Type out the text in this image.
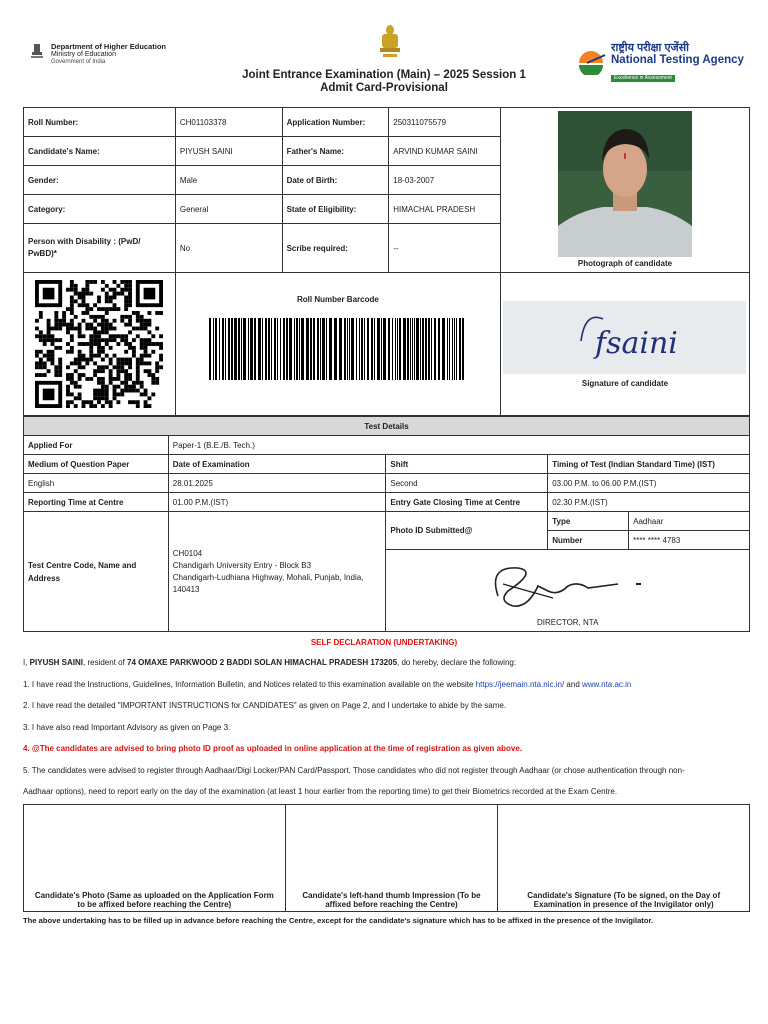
Department of Higher Education
Ministry of Education
Government of India
राष्ट्रीय परीक्षा एजेंसी
National Testing Agency
Excellence in Assessment
Joint Entrance Examination (Main) – 2025 Session 1
Admit Card-Provisional
Roll Number:	CH01103378	Application Number:	250311075579	Photograph of candidate

Candidate's Name:	PIYUSH SAINI	Father's Name:	ARVIND KUMAR SAINI	
Gender:	Male	Date of Birth:	18-03-2007	
Category:	General	State of Eligibility:	HIMACHAL PRADESH	
Person with Disability : (PwD/ PwBD)*	No	Scribe required:	--	

Roll Number Barcode			fsaini
Signature of candidate
Test Details				
Applied For	Paper-1 (B.E./B. Tech.)			
Medium of Question Paper	Date of Examination	Shift	Timing of Test (Indian Standard Time) (IST)	
English	28.01.2025	Second	03.00 P.M. to 06.00 P.M.(IST)	
Reporting Time at Centre	01.00 P.M.(IST)	Entry Gate Closing Time at Centre	02.30 P.M.(IST)	
Test Centre Code, Name and Address	CH0104
Chandigarh University Entry - Block B3
Chandigarh-Ludhiana Highway, Mohali, Punjab, India,
140413	Photo ID Submitted@	Type	Aadhaar
			Number	**** **** 4783

		DIRECTOR, NTA		
SELF DECLARATION (UNDERTAKING)
I, PIYUSH SAINI, resident of 74 OMAXE PARKWOOD 2 BADDI SOLAN HIMACHAL PRADESH 173205, do hereby, declare the following:
1. I have read the Instructions, Guidelines, Information Bulletin, and Notices related to this examination available on the website https://jeemain.nta.nic.in/ and www.nta.ac.in
2. I have read the detailed "IMPORTANT INSTRUCTIONS for CANDIDATES" as given on Page 2, and I undertake to abide by the same.
3. I have also read Important Advisory as given on Page 3.
4. @The candidates are advised to bring photo ID proof as uploaded in online application at the time of registration as given above.
5. The candidates were advised to register through Aadhaar/Digi Locker/PAN Card/Passport. Those candidates who did not register through Aadhaar (or chose authentication through non-
Aadhaar options), need to report early on the day of the examination (at least 1 hour earlier from the reporting time) to get their Biometrics recorded at the Exam Centre.
Candidate's Photo (Same as uploaded on the Application Form to be affixed before reaching the Centre)	Candidate's left-hand thumb Impression (To be affixed before reaching the Centre)	Candidate's Signature (To be signed, on the Day of Examination in presence of the Invigilator only)
The above undertaking has to be filled up in advance before reaching the Centre, except for the candidate's signature which has to be affixed in the presence of the Invigilator.
